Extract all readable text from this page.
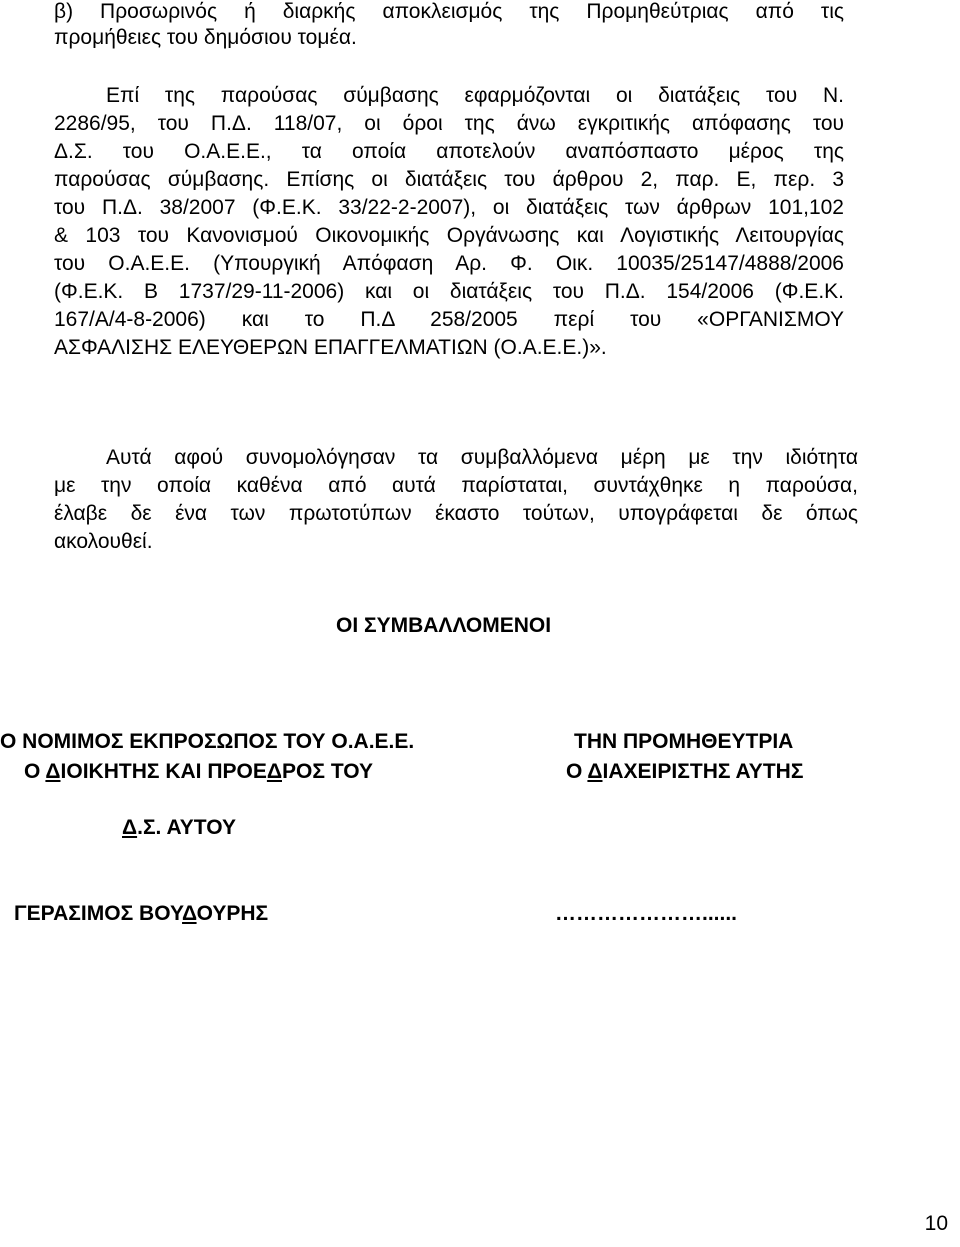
β) Προσωρινός ή διαρκής αποκλεισμός της Προμηθεύτριας από τις
προμήθειες του δημόσιου τομέα.
Επί της παρούσας σύμβασης εφαρμόζονται οι διατάξεις του Ν.
2286/95, του Π.Δ. 118/07, οι όροι της άνω εγκριτικής απόφασης του
Δ.Σ. του Ο.Α.Ε.Ε., τα οποία αποτελούν αναπόσπαστο μέρος της
παρούσας σύμβασης. Επίσης οι διατάξεις του άρθρου 2, παρ. Ε, περ. 3
του Π.Δ. 38/2007 (Φ.Ε.Κ. 33/22-2-2007), οι διατάξεις των άρθρων 101,102
& 103 του Κανονισμού Οικονομικής Οργάνωσης και Λογιστικής Λειτουργίας
του Ο.Α.Ε.Ε. (Υπουργική Απόφαση Αρ. Φ. Οικ. 10035/25147/4888/2006
(Φ.Ε.Κ. Β 1737/29-11-2006) και οι διατάξεις του Π.Δ. 154/2006 (Φ.Ε.Κ.
167/Α/4-8-2006) και το Π.Δ 258/2005 περί του «ΟΡΓΑΝΙΣΜΟΥ
ΑΣΦΑΛΙΣΗΣ ΕΛΕΥΘΕΡΩΝ ΕΠΑΓΓΕΛΜΑΤΙΩΝ (Ο.Α.Ε.Ε.)».
Αυτά αφού συνομολόγησαν τα συμβαλλόμενα μέρη με την ιδιότητα
με την οποία καθένα από αυτά παρίσταται, συντάχθηκε η παρούσα,
έλαβε δε ένα των πρωτοτύπων έκαστο τούτων, υπογράφεται δε όπως
ακολουθεί.
ΟΙ ΣΥΜΒΑΛΛΟΜΕΝΟΙ
Ο ΝΟΜΙΜΟΣ ΕΚΠΡΟΣΩΠΟΣ ΤΟΥ Ο.Α.Ε.Ε.
Ο ΔΙΟΙΚΗΤΗΣ ΚΑΙ ΠΡΟΕΔΡΟΣ ΤΟΥ
Δ.Σ. ΑΥΤΟΥ
ΓΕΡΑΣΙΜΟΣ ΒΟΥΔΟΥΡΗΣ
ΤΗΝ ΠΡΟΜΗΘΕΥΤΡΙΑ
Ο ΔΙΑΧΕΙΡΙΣΤΗΣ ΑΥΤΗΣ
…………………......
10
